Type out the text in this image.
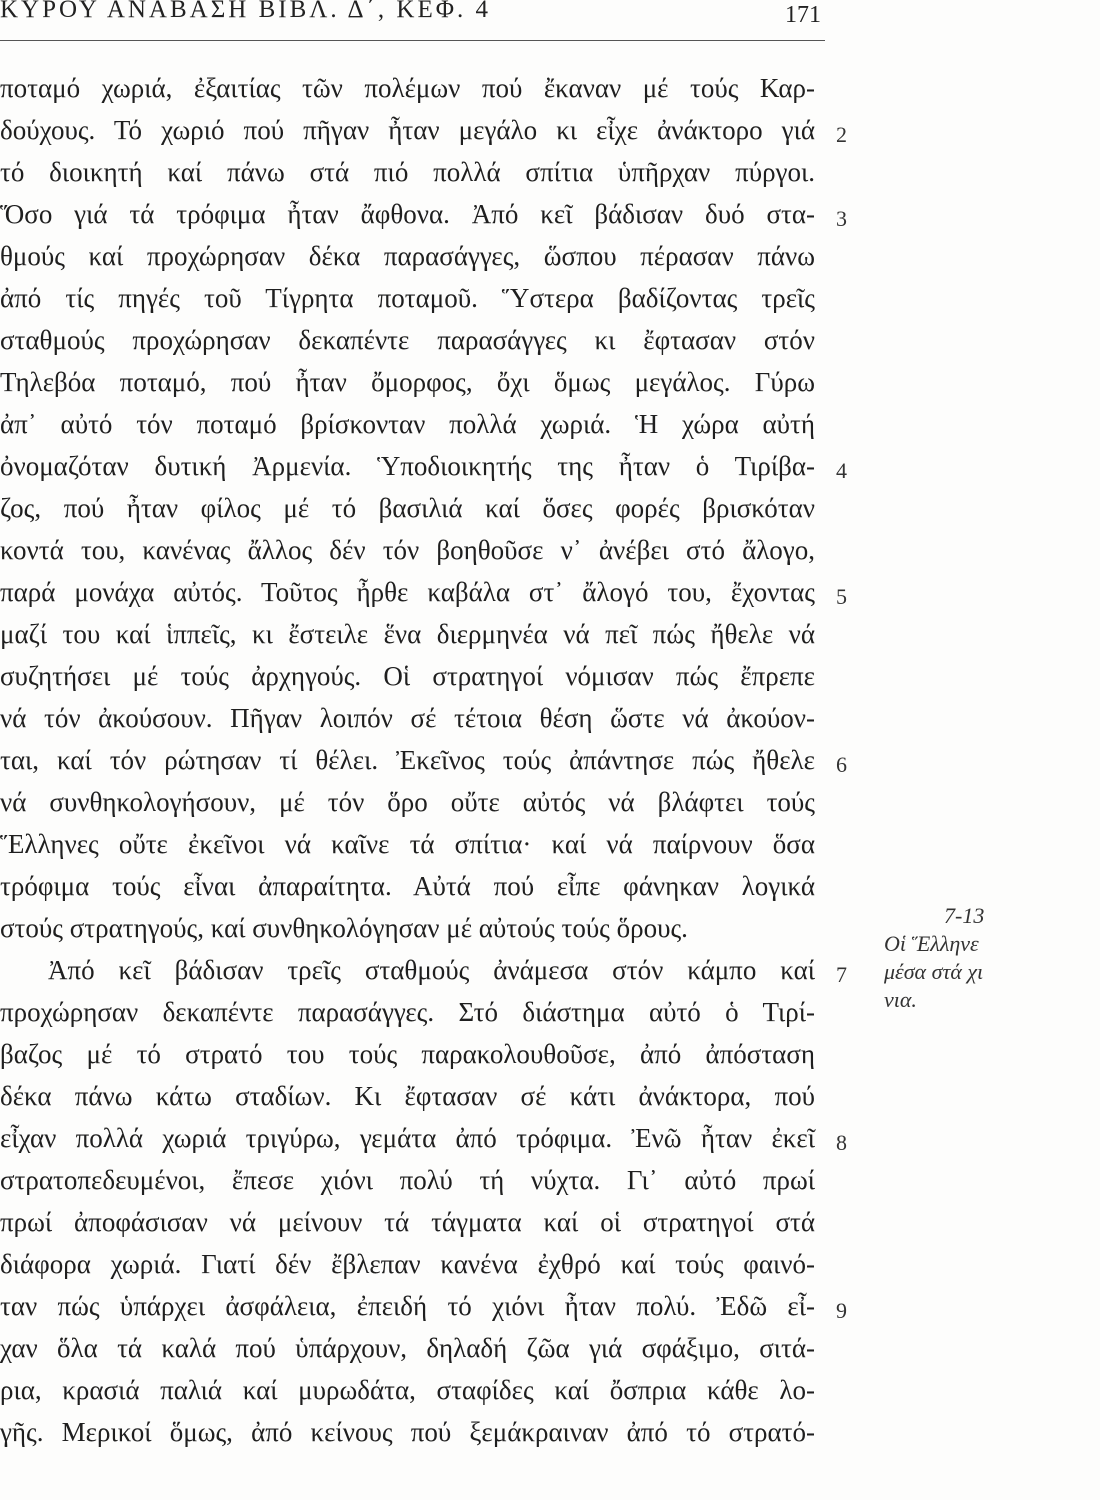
ΚΥΡΟΥ ΑΝΑΒΑΣΗ ΒΙΒΛ. Δ΄, ΚΕΦ. 4	171
ποταμό χωριά, ἐξαιτίας τῶν πολέμων πού ἔκαναν μέ τούς Καρ-
δούχους. Τό χωριό πού πῆγαν ἦταν μεγάλο κι εἶχε ἀνάκτορο γιά
τό διοικητή καί πάνω στά πιό πολλά σπίτια ὑπῆρχαν πύργοι.
Ὅσο γιά τά τρόφιμα ἦταν ἄφθονα. Ἀπό κεῖ βάδισαν δυό στα-
θμούς καί προχώρησαν δέκα παρασάγγες, ὥσπου πέρασαν πάνω
ἀπό τίς πηγές τοῦ Τίγρητα ποταμοῦ. Ὕστερα βαδίζοντας τρεῖς
σταθμούς προχώρησαν δεκαπέντε παρασάγγες κι ἔφτασαν στόν
Τηλεβόα ποταμό, πού ἦταν ὄμορφος, ὄχι ὅμως μεγάλος. Γύρω
ἀπ᾽ αὐτό τόν ποταμό βρίσκονταν πολλά χωριά. Ἡ χώρα αὐτή
ὀνομαζόταν δυτική Ἀρμενία. Ὑποδιοικητής της ἦταν ὁ Τιρίβα-
ζος, πού ἦταν φίλος μέ τό βασιλιά καί ὅσες φορές βρισκόταν
κοντά του, κανένας ἄλλος δέν τόν βοηθοῦσε ν᾽ ἀνέβει στό ἄλογο,
παρά μονάχα αὐτός. Τοῦτος ἦρθε καβάλα στ᾽ ἄλογό του, ἔχοντας
μαζί του καί ἱππεῖς, κι ἔστειλε ἕνα διερμηνέα νά πεῖ πώς ἤθελε νά
συζητήσει μέ τούς ἀρχηγούς. Οἱ στρατηγοί νόμισαν πώς ἔπρεπε
νά τόν ἀκούσουν. Πῆγαν λοιπόν σέ τέτοια θέση ὥστε νά ἀκούον-
ται, καί τόν ρώτησαν τί θέλει. Ἐκεῖνος τούς ἀπάντησε πώς ἤθελε
νά συνθηκολογήσουν, μέ τόν ὅρο οὔτε αὐτός νά βλάφτει τούς
Ἕλληνες οὔτε ἐκεῖνοι νά καῖνε τά σπίτια· καί νά παίρνουν ὅσα
τρόφιμα τούς εἶναι ἀπαραίτητα. Αὐτά πού εἶπε φάνηκαν λογικά
στούς στρατηγούς, καί συνθηκολόγησαν μέ αὐτούς τούς ὅρους.
Ἀπό κεῖ βάδισαν τρεῖς σταθμούς ἀνάμεσα στόν κάμπο καί
προχώρησαν δεκαπέντε παρασάγγες. Στό διάστημα αὐτό ὁ Τιρί-
βαζος μέ τό στρατό του τούς παρακολουθοῦσε, ἀπό ἀπόσταση
δέκα πάνω κάτω σταδίων. Κι ἔφτασαν σέ κάτι ἀνάκτορα, πού
εἶχαν πολλά χωριά τριγύρω, γεμάτα ἀπό τρόφιμα. Ἐνῶ ἦταν ἐκεῖ
στρατοπεδευμένοι, ἔπεσε χιόνι πολύ τή νύχτα. Γι᾽ αὐτό πρωί
πρωί ἀποφάσισαν νά μείνουν τά τάγματα καί οἱ στρατηγοί στά
διάφορα χωριά. Γιατί δέν ἔβλεπαν κανένα ἐχθρό καί τούς φαινό-
ταν πώς ὑπάρχει ἀσφάλεια, ἐπειδή τό χιόνι ἦταν πολύ. Ἐδῶ εἶ-
χαν ὅλα τά καλά πού ὑπάρχουν, δηλαδή ζῶα γιά σφάξιμο, σιτά-
ρια, κρασιά παλιά καί μυρωδάτα, σταφίδες καί ὄσπρια κάθε λο-
γῆς. Μερικοί ὅμως, ἀπό κείνους πού ξεμάκραιναν ἀπό τό στρατό-
2
3
4
5
6
7
8
9
7-13
Οἱ Ἕλληνε
μέσα στά χι
νια.
